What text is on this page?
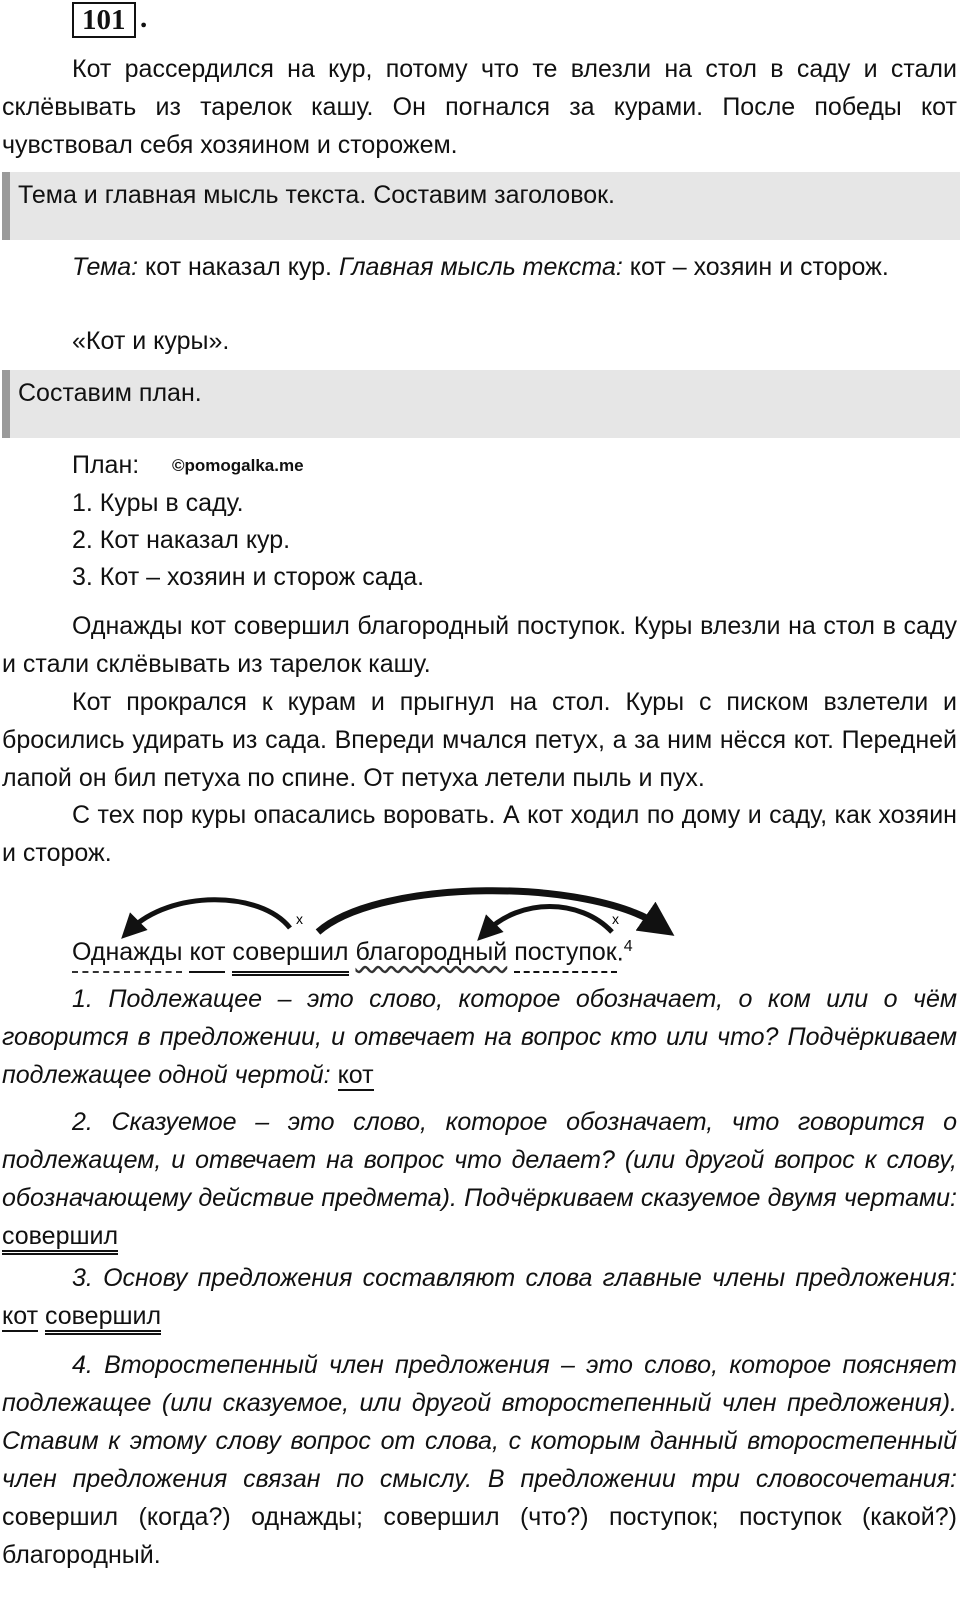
101 .

Кот рассердился на кур, потому что те влезли на стол в саду и стали склёвывать из тарелок кашу. Он погнался за курами. После победы кот чувствовал себя хозяином и сторожем.

Тема и главная мысль текста. Составим заголовок.

Тема: кот наказал кур. Главная мысль текста: кот – хозяин и сторож.

«Кот и куры».
Составим план.
План: ©pomogalka.me
1. Куры в саду.
2. Кот наказал кур.
3. Кот – хозяин и сторож сада.

Однажды кот совершил благородный поступок. Куры влезли на стол в саду и стали склёвывать из тарелок кашу.

Кот прокрался к курам и прыгнул на стол. Куры с писком взлетели и бросились удирать из сада. Впереди мчался петух, а за ним нёсся кот. Передней лапой он бил петуха по спине. От петуха летели пыль и пух.

С тех пор куры опасались воровать. А кот ходил по дому и саду, как хозяин и сторож.

x	x
Однажды кот совершил благородный поступок.$^4$

1. Подлежащее – это слово, которое обозначает, о ком или о чём говорится в предложении, и отвечает на вопрос кто или что? Подчёркиваем подлежащее одной чертой: кот

2. Сказуемое – это слово, которое обозначает, что говорится о подлежащем, и отвечает на вопрос что делает? (или другой вопрос к слову, обозначающему действие предмета). Подчёркиваем сказуемое двумя чертами: совершил

3. Основу предложения составляют слова главные члены предложения: кот совершил

4. Второстепенный член предложения – это слово, которое поясняет подлежащее (или сказуемое, или другой второстепенный член предложения). Ставим к этому слову вопрос от слова, с которым данный второстепенный член предложения связан по смыслу. В предложении три словосочетания: совершил (когда?) однажды; совершил (что?) поступок; поступок (какой?) благородный.
